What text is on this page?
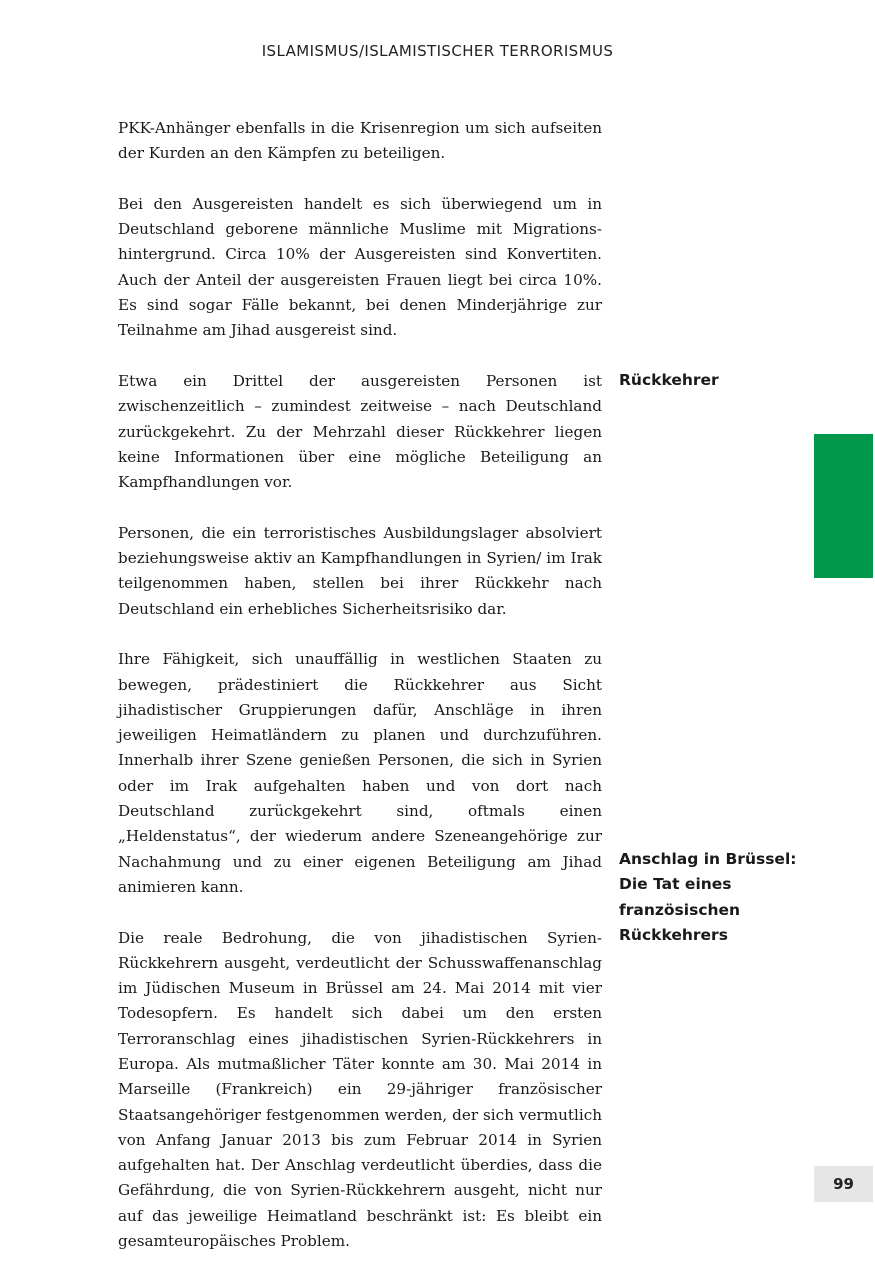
ISLAMISMUS/ISLAMISTISCHER TERRORISMUS

PKK-Anhänger ebenfalls in die Krisenregion um sich aufseiten der Kurden an den Kämpfen zu beteiligen.

Bei den Ausgereisten handelt es sich überwiegend um in Deutschland geborene männliche Muslime mit Migrationshintergrund. Circa 10% der Ausgereisten sind Konvertiten. Auch der Anteil der ausgereisten Frauen liegt bei circa 10%. Es sind sogar Fälle bekannt, bei denen Minderjährige zur Teilnahme am Jihad ausgereist sind.

Etwa ein Drittel der ausgereisten Personen ist zwischenzeitlich – zumindest zeitweise – nach Deutschland zurückgekehrt. Zu der Mehrzahl dieser Rückkehrer liegen keine Informationen über eine mögliche Beteiligung an Kampfhandlungen vor.

Personen, die ein terroristisches Ausbildungslager absolviert beziehungsweise aktiv an Kampfhandlungen in Syrien/ im Irak teilgenommen haben, stellen bei ihrer Rückkehr nach Deutschland ein erhebliches Sicherheitsrisiko dar.

Ihre Fähigkeit, sich unauffällig in westlichen Staaten zu bewegen, prädestiniert die Rückkehrer aus Sicht jihadistischer Gruppierungen dafür, Anschläge in ihren jeweiligen Heimatländern zu planen und durchzuführen. Innerhalb ihrer Szene genießen Personen, die sich in Syrien oder im Irak aufgehalten haben und von dort nach Deutschland zurückgekehrt sind, oftmals einen „Heldenstatus“, der wiederum andere Szeneangehörige zur Nachahmung und zu einer eigenen Beteiligung am Jihad animieren kann.

Die reale Bedrohung, die von jihadistischen Syrien-Rückkehrern ausgeht, verdeutlicht der Schusswaffenanschlag im Jüdischen Museum in Brüssel am 24. Mai 2014 mit vier Todesopfern. Es handelt sich dabei um den ersten Terroranschlag eines jihadistischen Syrien-Rückkehrers in Europa. Als mutmaßlicher Täter konnte am 30. Mai 2014 in Marseille (Frankreich) ein 29-jähriger französischer Staatsangehöriger festgenommen werden, der sich vermutlich von Anfang Januar 2013 bis zum Februar 2014 in Syrien aufgehalten hat. Der Anschlag verdeutlicht überdies, dass die Gefährdung, die von Syrien-Rückkehrern ausgeht, nicht nur auf das jeweilige Heimatland beschränkt ist: Es bleibt ein gesamteuropäisches Problem.

Rückkehrer
Anschlag in Brüssel:
Die Tat eines
französischen
Rückkehrers
99
